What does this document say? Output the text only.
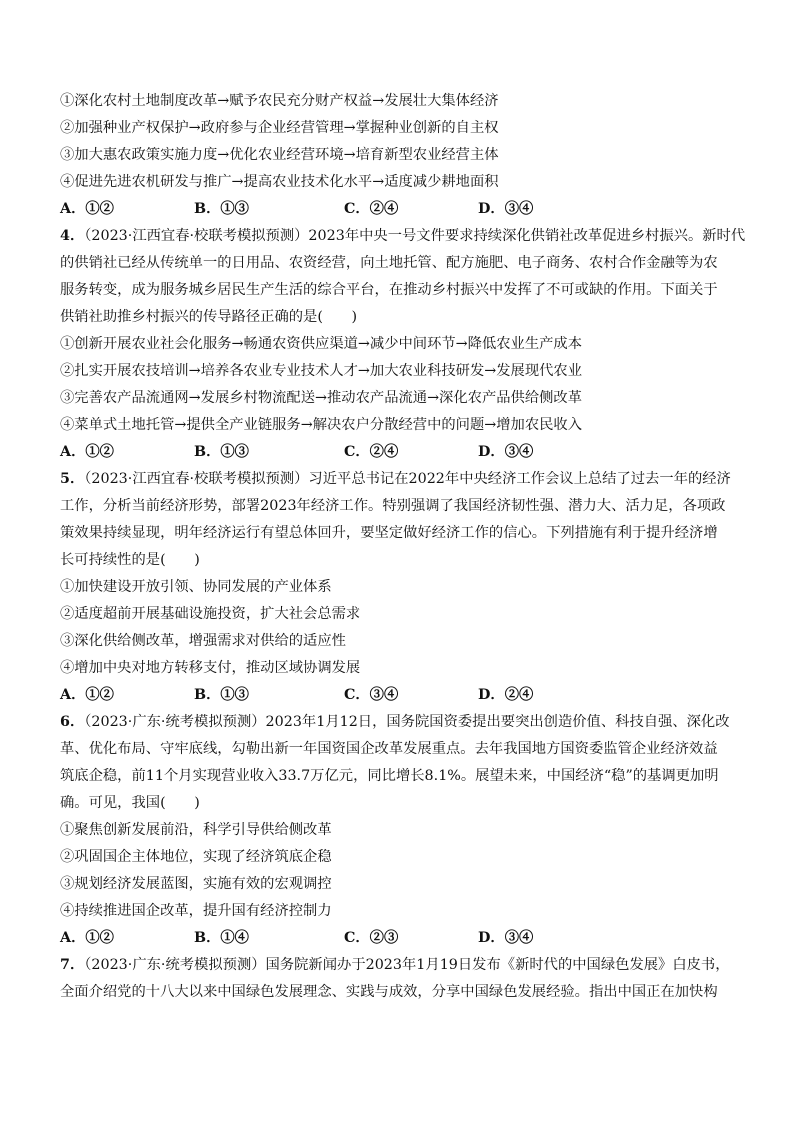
①深化农村土地制度改革→赋予农民充分财产权益→发展壮大集体经济
②加强种业产权保护→政府参与企业经营管理→掌握种业创新的自主权
③加大惠农政策实施力度→优化农业经营环境→培育新型农业经营主体
④促进先进农机研发与推广→提高农业技术化水平→适度减少耕地面积
A．①②	B．①③	C．②④	D．③④
4．（2023·江西宜春·校联考模拟预测）2023年中央一号文件要求持续深化供销社改革促进乡村振兴。新时代
的供销社已经从传统单一的日用品、农资经营，向土地托管、配方施肥、电子商务、农村合作金融等为农
服务转变，成为服务城乡居民生产生活的综合平台，在推动乡村振兴中发挥了不可或缺的作用。下面关于
供销社助推乡村振兴的传导路径正确的是(　　)
①创新开展农业社会化服务→畅通农资供应渠道→减少中间环节→降低农业生产成本
②扎实开展农技培训→培养各农业专业技术人才→加大农业科技研发→发展现代农业
③完善农产品流通网→发展乡村物流配送→推动农产品流通→深化农产品供给侧改革
④菜单式土地托管→提供全产业链服务→解决农户分散经营中的问题→增加农民收入
A．①②	B．①③	C．②④	D．③④
5．（2023·江西宜春·校联考模拟预测）习近平总书记在2022年中央经济工作会议上总结了过去一年的经济
工作，分析当前经济形势，部署2023年经济工作。特别强调了我国经济韧性强、潜力大、活力足，各项政
策效果持续显现，明年经济运行有望总体回升，要坚定做好经济工作的信心。下列措施有利于提升经济增
长可持续性的是(　　)
①加快建设开放引领、协同发展的产业体系
②适度超前开展基础设施投资，扩大社会总需求
③深化供给侧改革，增强需求对供给的适应性
④增加中央对地方转移支付，推动区域协调发展
A．①②	B．①③	C．③④	D．②④
6．（2023·广东·统考模拟预测）2023年1月12日，国务院国资委提出要突出创造价值、科技自强、深化改
革、优化布局、守牢底线，勾勒出新一年国资国企改革发展重点。去年我国地方国资委监管企业经济效益
筑底企稳，前11个月实现营业收入33.7万亿元，同比增长8.1%。展望未来，中国经济“稳”的基调更加明
确。可见，我国(　　)
①聚焦创新发展前沿，科学引导供给侧改革
②巩固国企主体地位，实现了经济筑底企稳
③规划经济发展蓝图，实施有效的宏观调控
④持续推进国企改革，提升国有经济控制力
A．①②	B．①④	C．②③	D．③④
7．（2023·广东·统考模拟预测）国务院新闻办于2023年1月19日发布《新时代的中国绿色发展》白皮书，
全面介绍党的十八大以来中国绿色发展理念、实践与成效，分享中国绿色发展经验。指出中国正在加快构
